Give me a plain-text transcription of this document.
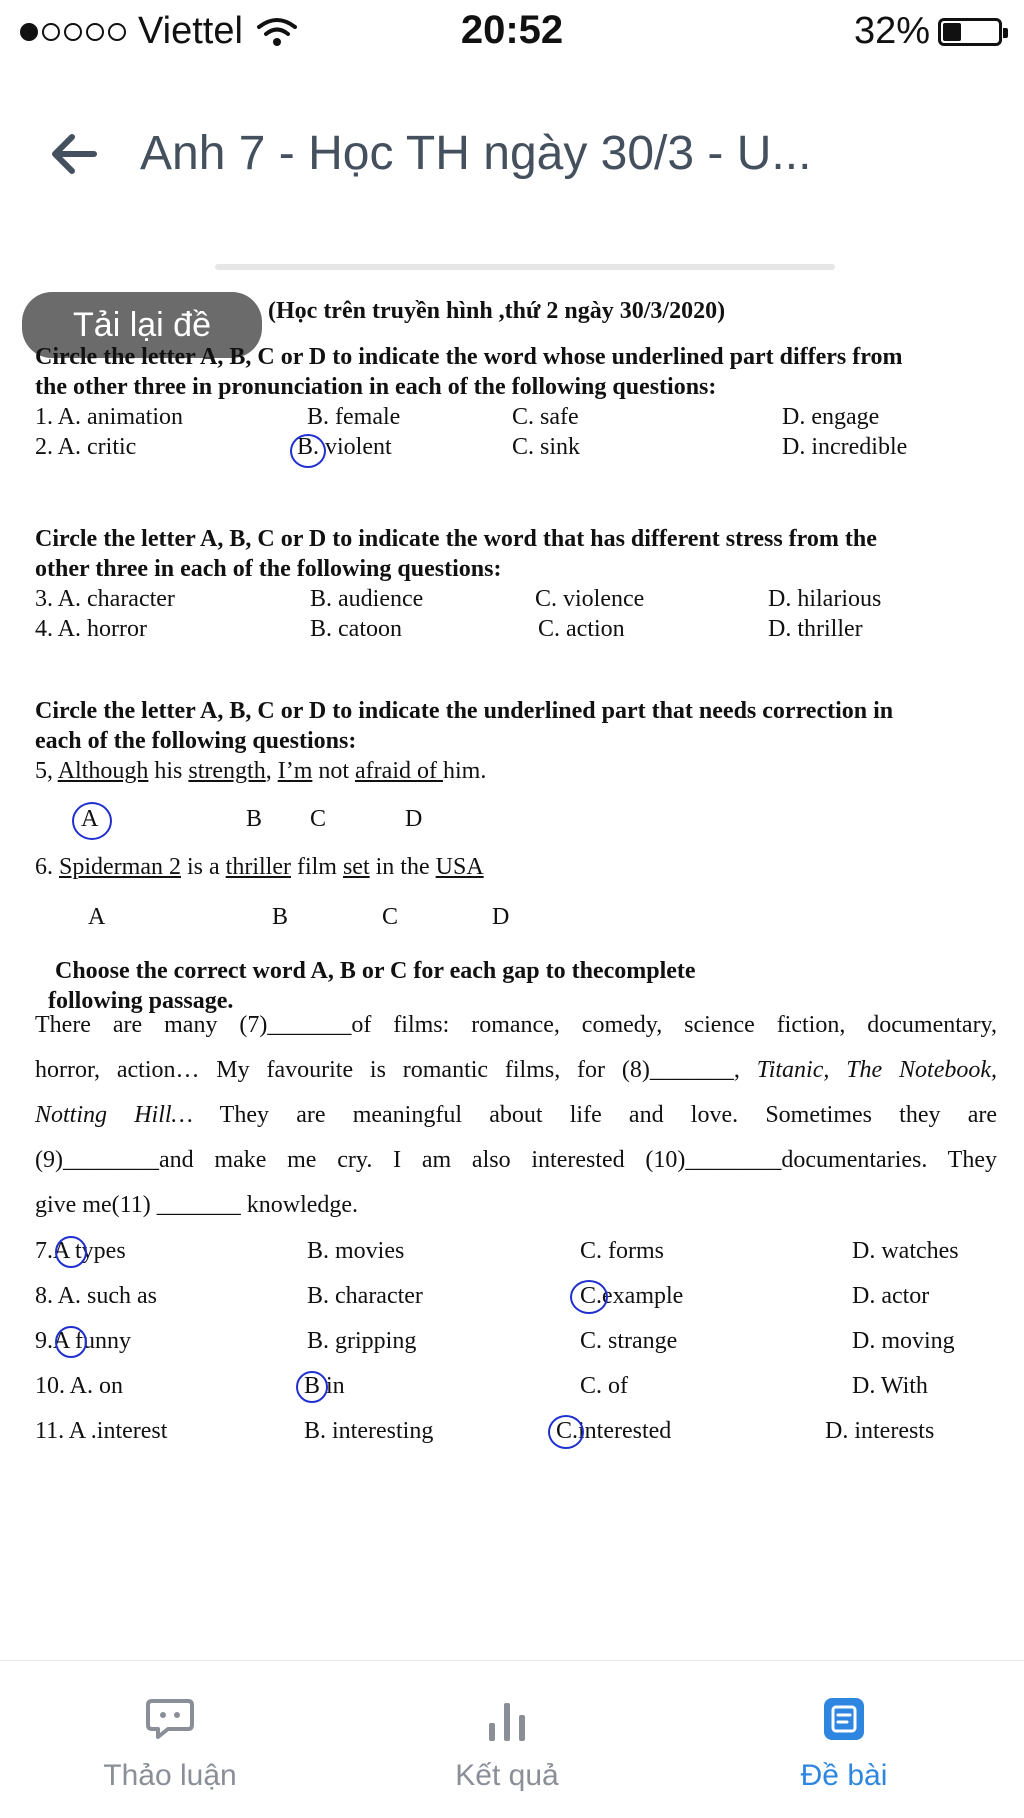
Viettel	20:52	32%
Anh 7 - Học TH ngày 30/3 - U...
(Học trên truyền hình ,thứ 2 ngày 30/3/2020)
Tải lại đề
Circle the letter A, B, C or D to indicate the word whose underlined part differs from
the other three in pronunciation in each of the following questions:
1. A. animation	B. female	C. safe	D. engage
2. A. critic	B. violent	C. sink	D. incredible
Circle the letter A, B, C or D to indicate the word that has different stress from the
other three in each of the following questions:
3. A. character	B. audience	C. violence	D. hilarious
4. A. horror	B. catoon	C. action	D. thriller
Circle the letter A, B, C or D to indicate the underlined part that needs correction in
each of the following questions:
5, Although his strength, I’m not afraid of him.
A	B C	D
6. Spiderman 2 is a thriller film set in the USA
A	B	C	D
Choose the correct word A, B or C for each gap to thecomplete
following passage.
There are many (7)_______of films: romance, comedy, science fiction, documentary,
horror, action… My favourite is romantic films, for (8)_______, Titanic, The Notebook,
Notting Hill… They are meaningful about life and love. Sometimes they are
(9)________and make me cry. I am also interested (10)________documentaries. They
give me(11) _______ knowledge.
7.A types	B. movies	C. forms	D. watches
8. A. such as	B. character	C.example	D. actor
9.A funny	B. gripping	C. strange	D. moving
10. A. on	B in	C. of	D. With
11. A .interest	B. interesting	C.interested	D. interests
Thảo luận	Kết quả	Đề bài
